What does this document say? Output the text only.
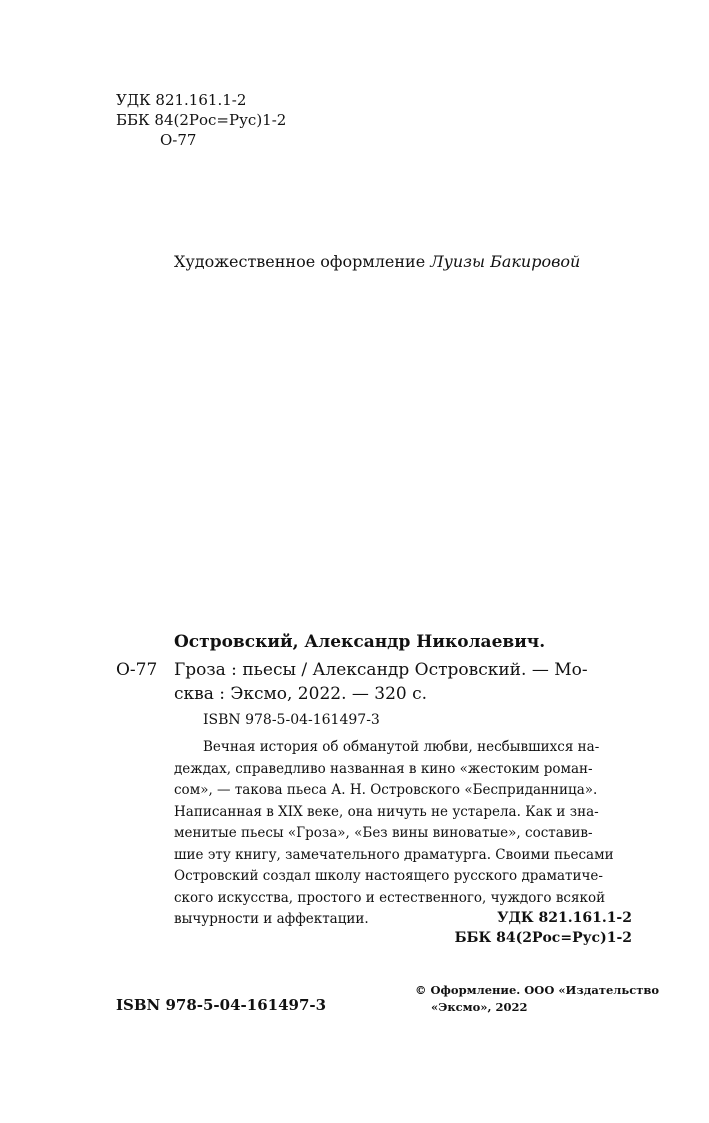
УДК 821.161.1-2
ББК 84(2Рос=Рус)1-2
О-77
Художественное оформление Луизы Бакировой
Островский, Александр Николаевич.
О-77 Гроза : пьесы / Александр Островский. — Мо-
сква : Эксмо, 2022. — 320 с.
ISBN 978-5-04-161497-3
Вечная история об обманутой любви, несбывшихся на-
деждах, справедливо названная в кино «жестоким роман-
сом», — такова пьеса А. Н. Островского «Бесприданница».
Написанная в XIX веке, она ничуть не устарела. Как и зна-
менитые пьесы «Гроза», «Без вины виноватые», составив-
шие эту книгу, замечательного драматурга. Своими пьесами
Островский создал школу настоящего русского драматиче-
ского искусства, простого и естественного, чуждого всякой
вычурности и аффектации.	УДК 821.161.1-2
ББК 84(2Рос=Рус)1-2
ISBN 978-5-04-161497-3
© Оформление. ООО «Издательство
«Эксмо», 2022
